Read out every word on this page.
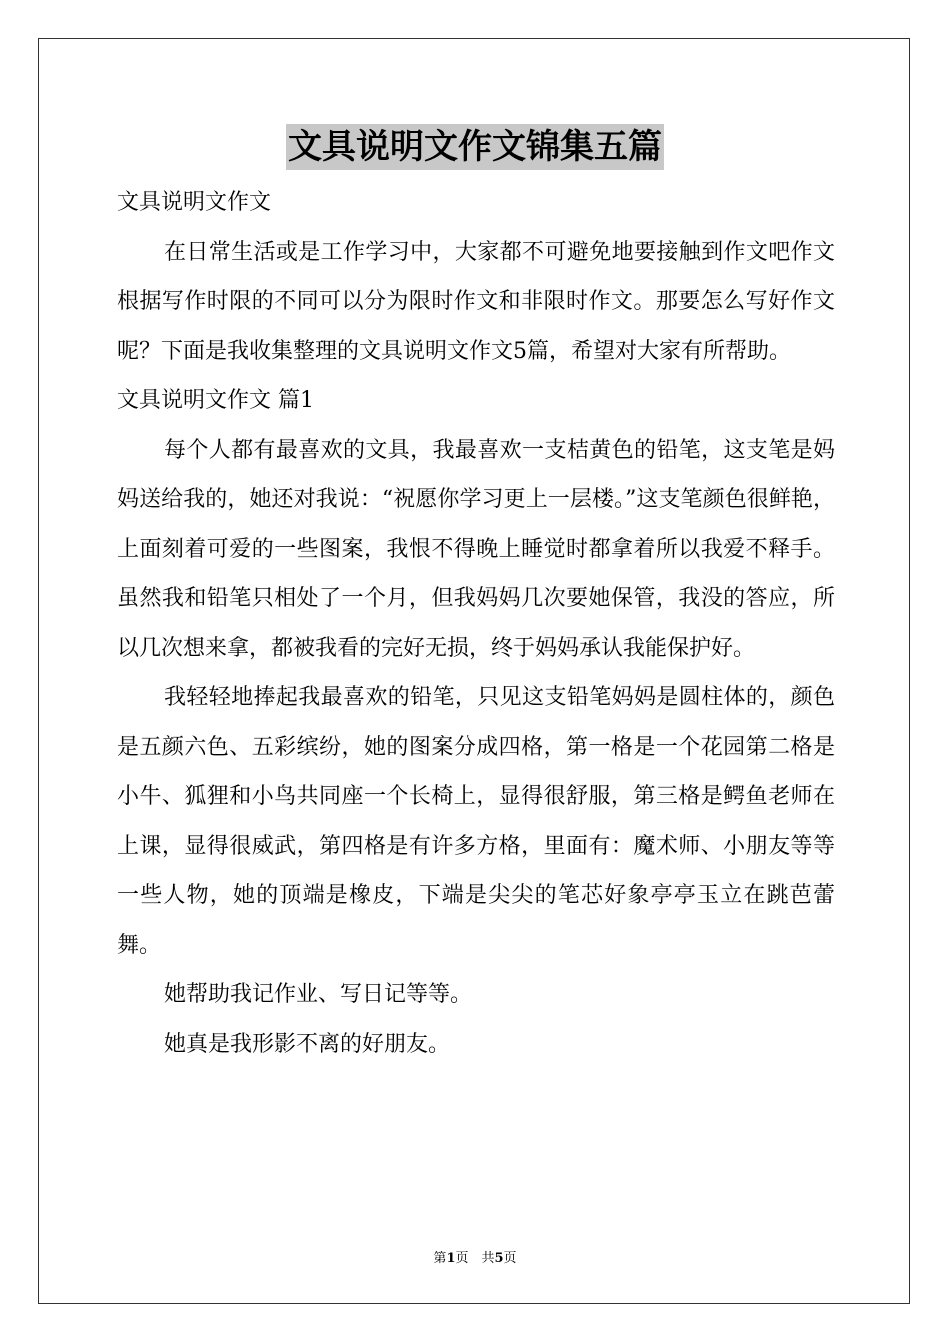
文具说明文作文锦集五篇

文具说明文作文

在日常生活或是工作学习中，大家都不可避免地要接触到作文吧作文根据写作时限的不同可以分为限时作文和非限时作文。那要怎么写好作文呢？下面是我收集整理的文具说明文作文5篇，希望对大家有所帮助。

文具说明文作文 篇1

每个人都有最喜欢的文具，我最喜欢一支桔黄色的铅笔，这支笔是妈妈送给我的，她还对我说：“祝愿你学习更上一层楼。”这支笔颜色很鲜艳，上面刻着可爱的一些图案，我恨不得晚上睡觉时都拿着所以我爱不释手。虽然我和铅笔只相处了一个月，但我妈妈几次要她保管，我没的答应，所以几次想来拿，都被我看的完好无损，终于妈妈承认我能保护好。

我轻轻地捧起我最喜欢的铅笔，只见这支铅笔妈妈是圆柱体的，颜色是五颜六色、五彩缤纷，她的图案分成四格，第一格是一个花园第二格是小牛、狐狸和小鸟共同座一个长椅上，显得很舒服，第三格是鳄鱼老师在上课，显得很威武，第四格是有许多方格，里面有：魔术师、小朋友等等一些人物，她的顶端是橡皮，下端是尖尖的笔芯好象亭亭玉立在跳芭蕾舞。

她帮助我记作业、写日记等等。

她真是我形影不离的好朋友。

第1页　共5页
